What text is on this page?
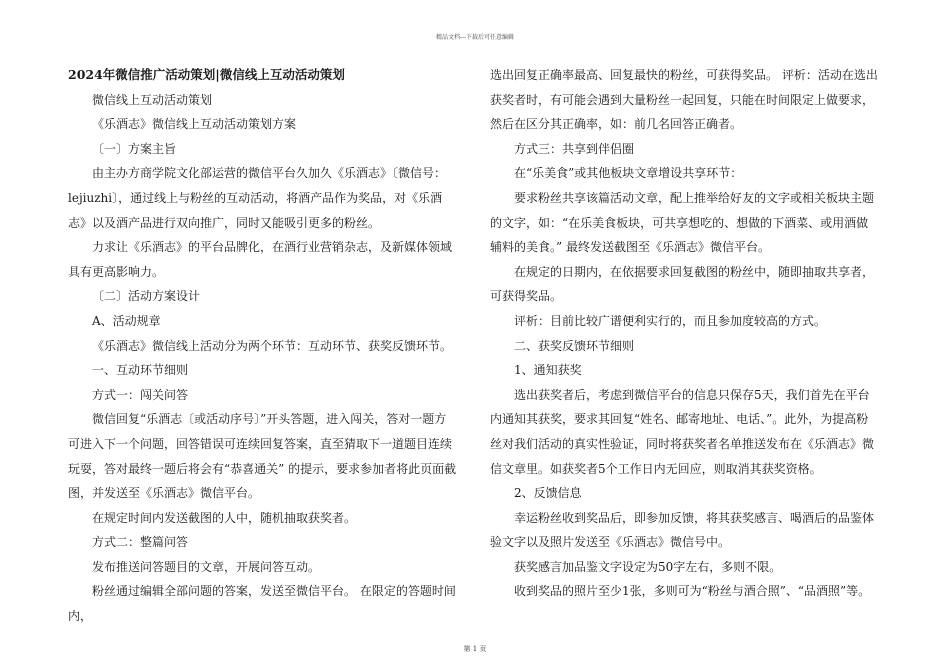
精品文档---下载后可任意编辑

2024年微信推广活动策划|微信线上互动活动策划

微信线上互动活动策划

《乐酒志》微信线上互动活动策划方案

〔一〕方案主旨

由主办方商学院文化部运营的微信平台久加久《乐酒志》〔微信号：lejiuzhi〕，通过线上与粉丝的互动活动，将酒产品作为奖品，对《乐酒志》以及酒产品进行双向推广，同时又能吸引更多的粉丝。

力求让《乐酒志》的平台品牌化，在酒行业营销杂志，及新媒体领域具有更高影响力。

〔二〕活动方案设计

A、活动规章

《乐酒志》微信线上活动分为两个环节：互动环节、获奖反馈环节。

一、互动环节细则

方式一：闯关问答

微信回复“乐酒志〔或活动序号〕”开头答题，进入闯关，答对一题方可进入下一个问题，回答错误可连续回复答案，直至猜取下一道题目连续玩耍，答对最终一题后将会有“恭喜通关” 的提示，要求参加者将此页面截图，并发送至《乐酒志》微信平台。

在规定时间内发送截图的人中，随机抽取获奖者。

方式二：整篇问答

发布推送问答题目的文章，开展问答互动。

粉丝通过编辑全部问题的答案，发送至微信平台。 在限定的答题时间内，

选出回复正确率最高、回复最快的粉丝，可获得奖品。 评析：活动在选出获奖者时，有可能会遇到大量粉丝一起回复，只能在时间限定上做要求，然后在区分其正确率，如：前几名回答正确者。

方式三：共享到伴侣圈

在“乐美食”或其他板块文章增设共享环节：

要求粉丝共享该篇活动文章，配上推举给好友的文字或相关板块主题的文字，如：“在乐美食板块，可共享想吃的、想做的下酒菜、或用酒做辅料的美食。” 最终发送截图至《乐酒志》微信平台。

在规定的日期内，在依据要求回复截图的粉丝中，随即抽取共享者，可获得奖品。

评析：目前比较广谱便利实行的，而且参加度较高的方式。

二、获奖反馈环节细则

1、通知获奖

选出获奖者后，考虑到微信平台的信息只保存5天，我们首先在平台内通知其获奖，要求其回复“姓名、邮寄地址、电话、”。此外，为提高粉丝对我们活动的真实性验证，同时将获奖者名单推送发布在《乐酒志》微信文章里。如获奖者5个工作日内无回应，则取消其获奖资格。

2、反馈信息

幸运粉丝收到奖品后，即参加反馈，将其获奖感言、喝酒后的品鉴体验文字以及照片发送至《乐酒志》微信号中。

获奖感言加品鉴文字设定为50字左右，多则不限。

收到奖品的照片至少1张，多则可为“粉丝与酒合照”、“品酒照”等。

第 1 页
